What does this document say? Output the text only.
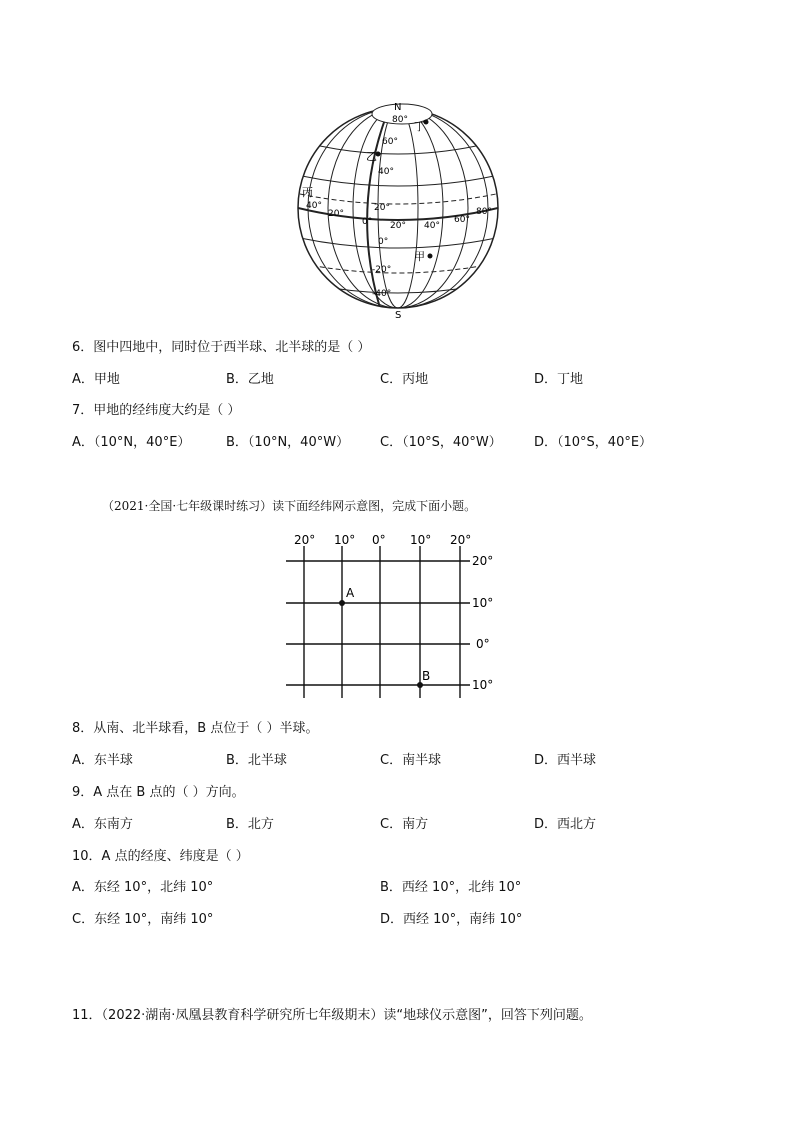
N
S
80°
60°
40°
20°
0°
-20°
-40°
40°
20°
0° 20° 40°
60°
80°
甲
乙
丙
丁
6．图中四地中，同时位于西半球、北半球的是（ ）
A．甲地	B．乙地	C．丙地	D．丁地
7．甲地的经纬度大约是（ ）
A．（10°N，40°E）	B．（10°N，40°W） C．（10°S，40°W） D．（10°S，40°E）
（2021·全国·七年级课时练习）读下面经纬网示意图，完成下面小题。
A
B
20° 10° 0° 10° 20°
20°
10°
0°
10°
8．从南、北半球看，B 点位于（ ）半球。
A．东半球	B．北半球	C．南半球	D．西半球
9．A 点在 B 点的（ ）方向。
A．东南方	B．北方	C．南方	D．西北方
10．A 点的经度、纬度是（ ）
A．东经 10°，北纬 10°	B．西经 10°，北纬 10°
C．东经 10°，南纬 10°	D．西经 10°，南纬 10°
11．（2022·湖南·凤凰县教育科学研究所七年级期末）读“地球仪示意图”，回答下列问题。
